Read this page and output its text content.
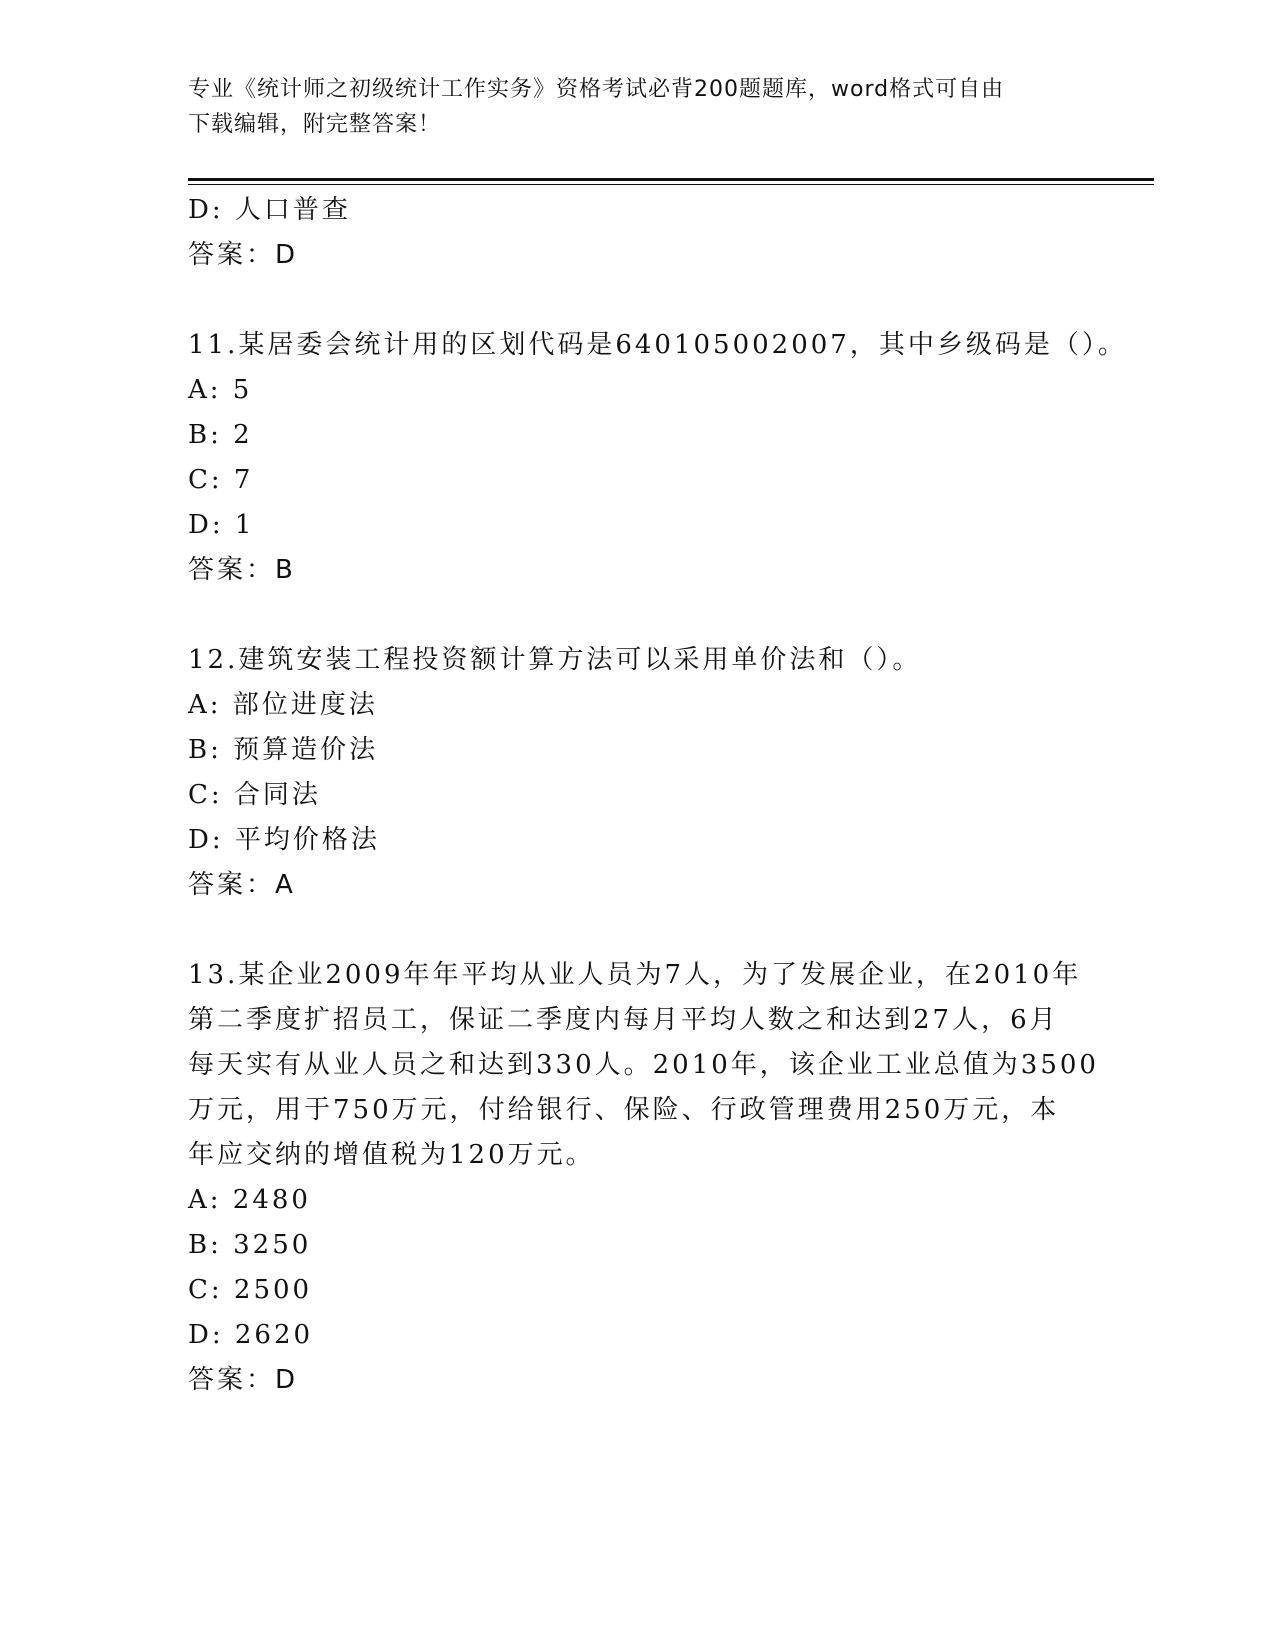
专业《统计师之初级统计工作实务》资格考试必背200题题库，word格式可自由
下载编辑，附完整答案！
D: 人口普查
答案：D
11.某居委会统计用的区划代码是640105002007，其中乡级码是（）。
A: 5
B: 2
C: 7
D: 1
答案：B
12.建筑安装工程投资额计算方法可以采用单价法和（）。
A: 部位进度法
B: 预算造价法
C: 合同法
D: 平均价格法
答案：A
13.某企业2009年年平均从业人员为7人，为了发展企业，在2010年
第二季度扩招员工，保证二季度内每月平均人数之和达到27人，6月
每天实有从业人员之和达到330人。2010年，该企业工业总值为3500
万元，用于750万元，付给银行、保险、行政管理费用250万元，本
年应交纳的增值税为120万元。
A: 2480
B: 3250
C: 2500
D: 2620
答案：D
